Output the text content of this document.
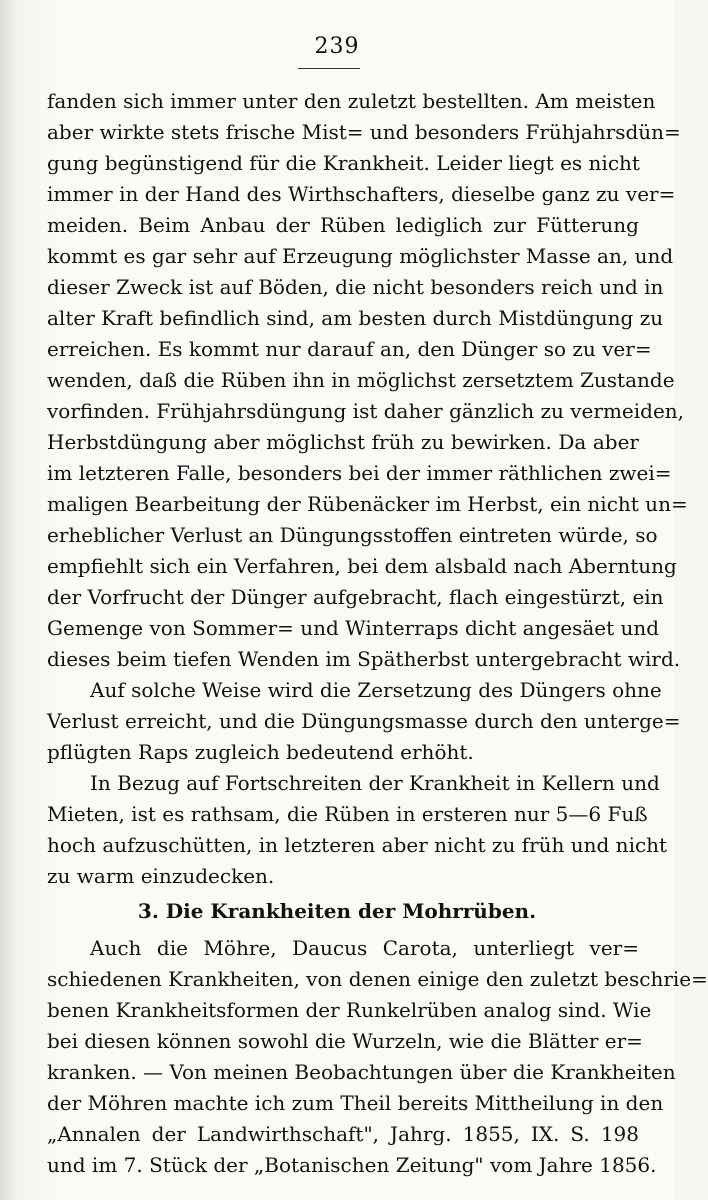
239
fanden sich immer unter den zuletzt bestellten. Am meisten
aber wirkte stets frische Mist= und besonders Frühjahrsdün=
gung begünstigend für die Krankheit. Leider liegt es nicht
immer in der Hand des Wirthschafters, dieselbe ganz zu ver=
meiden. Beim Anbau der Rüben lediglich zur Fütterung
kommt es gar sehr auf Erzeugung möglichster Masse an, und
dieser Zweck ist auf Böden, die nicht besonders reich und in
alter Kraft befindlich sind, am besten durch Mistdüngung zu
erreichen. Es kommt nur darauf an, den Dünger so zu ver=
wenden, daß die Rüben ihn in möglichst zersetztem Zustande
vorfinden. Frühjahrsdüngung ist daher gänzlich zu vermeiden,
Herbstdüngung aber möglichst früh zu bewirken. Da aber
im letzteren Falle, besonders bei der immer räthlichen zwei=
maligen Bearbeitung der Rübenäcker im Herbst, ein nicht un=
erheblicher Verlust an Düngungsstoffen eintreten würde, so
empfiehlt sich ein Verfahren, bei dem alsbald nach Aberntung
der Vorfrucht der Dünger aufgebracht, flach eingestürzt, ein
Gemenge von Sommer= und Winterraps dicht angesäet und
dieses beim tiefen Wenden im Spätherbst untergebracht wird.
Auf solche Weise wird die Zersetzung des Düngers ohne
Verlust erreicht, und die Düngungsmasse durch den unterge=
pflügten Raps zugleich bedeutend erhöht.
In Bezug auf Fortschreiten der Krankheit in Kellern und
Mieten, ist es rathsam, die Rüben in ersteren nur 5—6 Fuß
hoch aufzuschütten, in letzteren aber nicht zu früh und nicht
zu warm einzudecken.
3. Die Krankheiten der Mohrrüben.
Auch die Möhre, Daucus Carota, unterliegt ver=
schiedenen Krankheiten, von denen einige den zuletzt beschrie=
benen Krankheitsformen der Runkelrüben analog sind. Wie
bei diesen können sowohl die Wurzeln, wie die Blätter er=
kranken. — Von meinen Beobachtungen über die Krankheiten
der Möhren machte ich zum Theil bereits Mittheilung in den
„Annalen der Landwirthschaft", Jahrg. 1855, IX. S. 198
und im 7. Stück der „Botanischen Zeitung" vom Jahre 1856.
